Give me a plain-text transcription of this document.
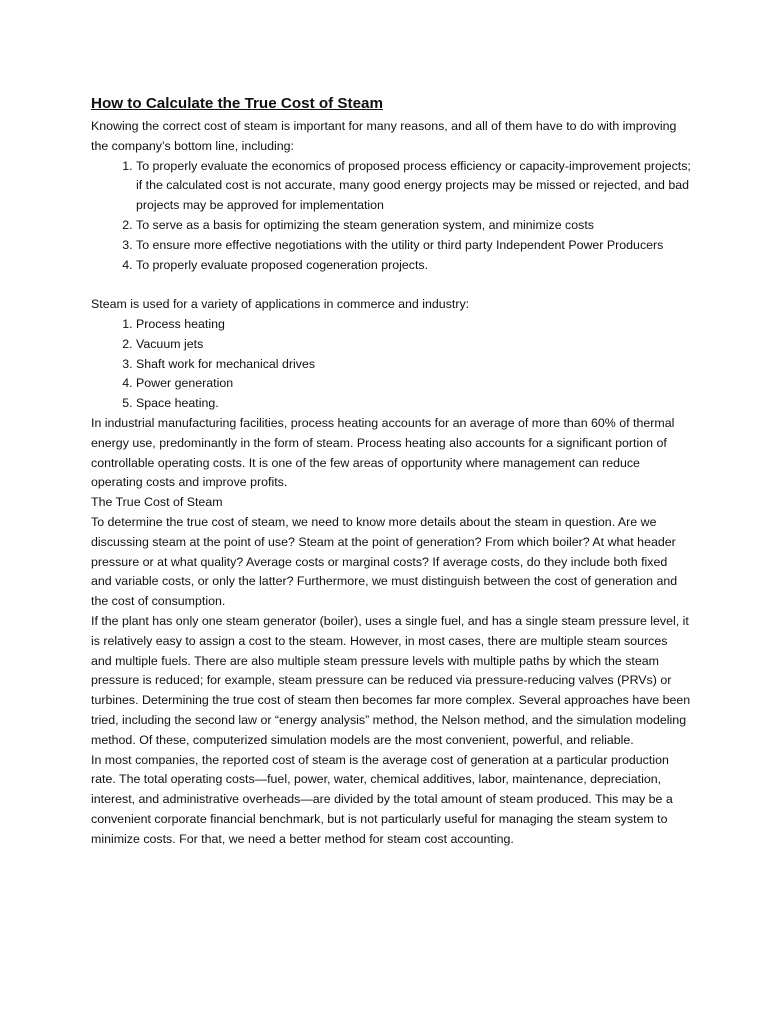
How to Calculate the True Cost of Steam

Knowing the correct cost of steam is important for many reasons, and all of them have to do with improving the company’s bottom line, including:

1. To properly evaluate the economics of proposed process efficiency or capacity-improvement projects; if the calculated cost is not accurate, many good energy projects may be missed or rejected, and bad projects may be approved for implementation
2. To serve as a basis for optimizing the steam generation system, and minimize costs
3. To ensure more effective negotiations with the utility or third party Independent Power Producers
4. To properly evaluate proposed cogeneration projects.

Steam is used for a variety of applications in commerce and industry:

1. Process heating
2. Vacuum jets
3. Shaft work for mechanical drives
4. Power generation
5. Space heating.

In industrial manufacturing facilities, process heating accounts for an average of more than 60% of thermal energy use, predominantly in the form of steam. Process heating also accounts for a significant portion of controllable operating costs. It is one of the few areas of opportunity where management can reduce operating costs and improve profits.

The True Cost of Steam

To determine the true cost of steam, we need to know more details about the steam in question. Are we discussing steam at the point of use? Steam at the point of generation? From which boiler? At what header pressure or at what quality? Average costs or marginal costs? If average costs, do they include both fixed and variable costs, or only the latter? Furthermore, we must distinguish between the cost of generation and the cost of consumption.

If the plant has only one steam generator (boiler), uses a single fuel, and has a single steam pressure level, it is relatively easy to assign a cost to the steam. However, in most cases, there are multiple steam sources and multiple fuels. There are also multiple steam pressure levels with multiple paths by which the steam pressure is reduced; for example, steam pressure can be reduced via pressure-reducing valves (PRVs) or turbines. Determining the true cost of steam then becomes far more complex. Several approaches have been tried, including the second law or “energy analysis” method, the Nelson method, and the simulation modeling method. Of these, computerized simulation models are the most convenient, powerful, and reliable.

In most companies, the reported cost of steam is the average cost of generation at a particular production rate. The total operating costs—fuel, power, water, chemical additives, labor, maintenance, depreciation, interest, and administrative overheads—are divided by the total amount of steam produced. This may be a convenient corporate financial benchmark, but is not particularly useful for managing the steam system to minimize costs. For that, we need a better method for steam cost accounting.
